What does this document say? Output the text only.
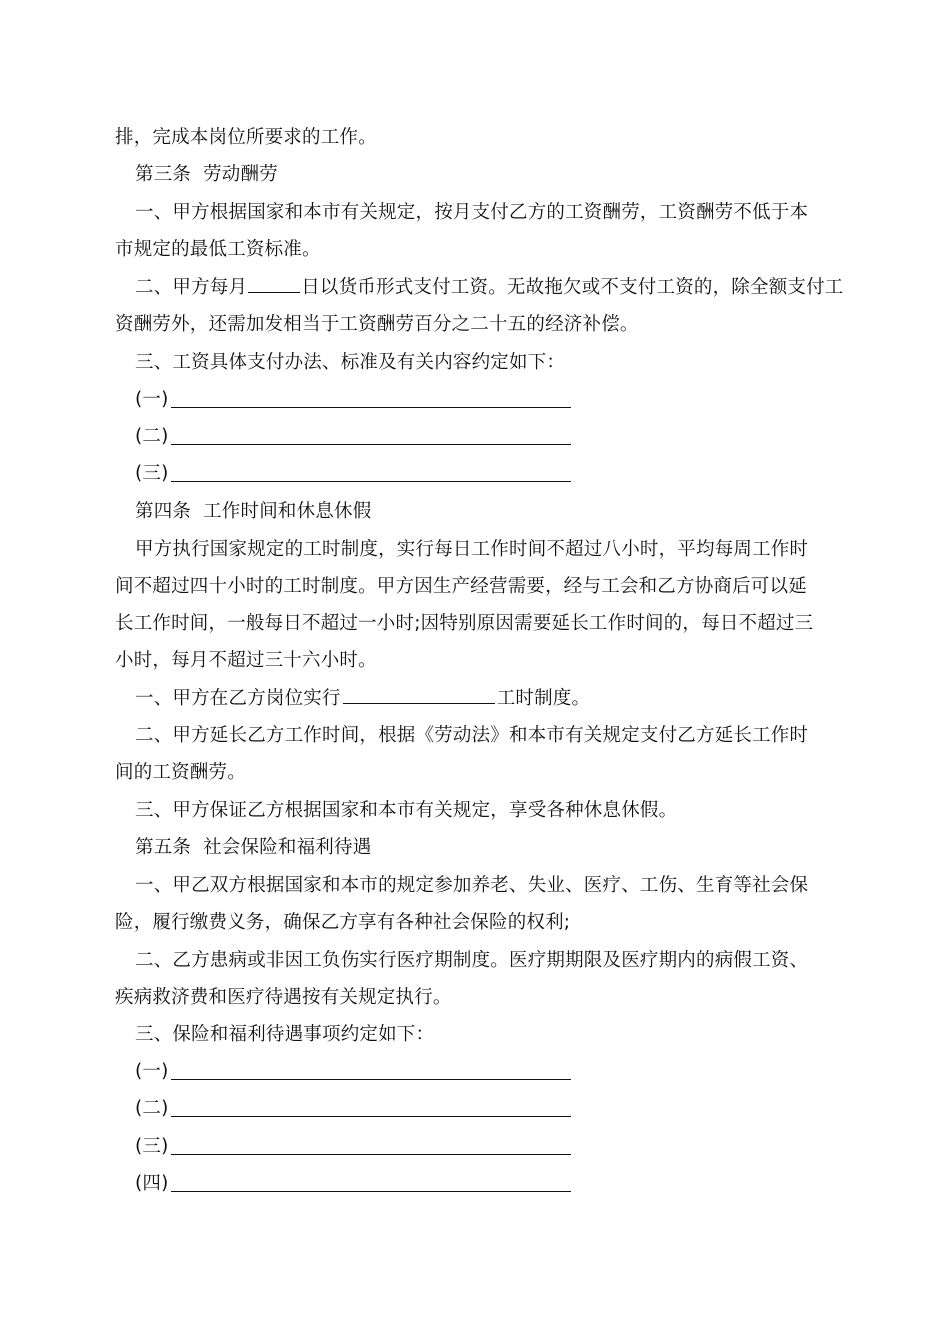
排，完成本岗位所要求的工作。
第三条 劳动酬劳
一、甲方根据国家和本市有关规定，按月支付乙方的工资酬劳，工资酬劳不低于本
市规定的最低工资标准。
二、甲方每月	日以货币形式支付工资。无故拖欠或不支付工资的，除全额支付工
资酬劳外，还需加发相当于工资酬劳百分之二十五的经济补偿。
三、工资具体支付办法、标准及有关内容约定如下：
(一)
(二)
(三)
第四条 工作时间和休息休假
甲方执行国家规定的工时制度，实行每日工作时间不超过八小时，平均每周工作时
间不超过四十小时的工时制度。甲方因生产经营需要，经与工会和乙方协商后可以延
长工作时间，一般每日不超过一小时;因特别原因需要延长工作时间的，每日不超过三
小时，每月不超过三十六小时。
一、甲方在乙方岗位实行	工时制度。
二、甲方延长乙方工作时间，根据《劳动法》和本市有关规定支付乙方延长工作时
间的工资酬劳。
三、甲方保证乙方根据国家和本市有关规定，享受各种休息休假。
第五条 社会保险和福利待遇
一、甲乙双方根据国家和本市的规定参加养老、失业、医疗、工伤、生育等社会保
险，履行缴费义务，确保乙方享有各种社会保险的权利;
二、乙方患病或非因工负伤实行医疗期制度。医疗期期限及医疗期内的病假工资、
疾病救济费和医疗待遇按有关规定执行。
三、保险和福利待遇事项约定如下：
(一)
(二)
(三)
(四)
